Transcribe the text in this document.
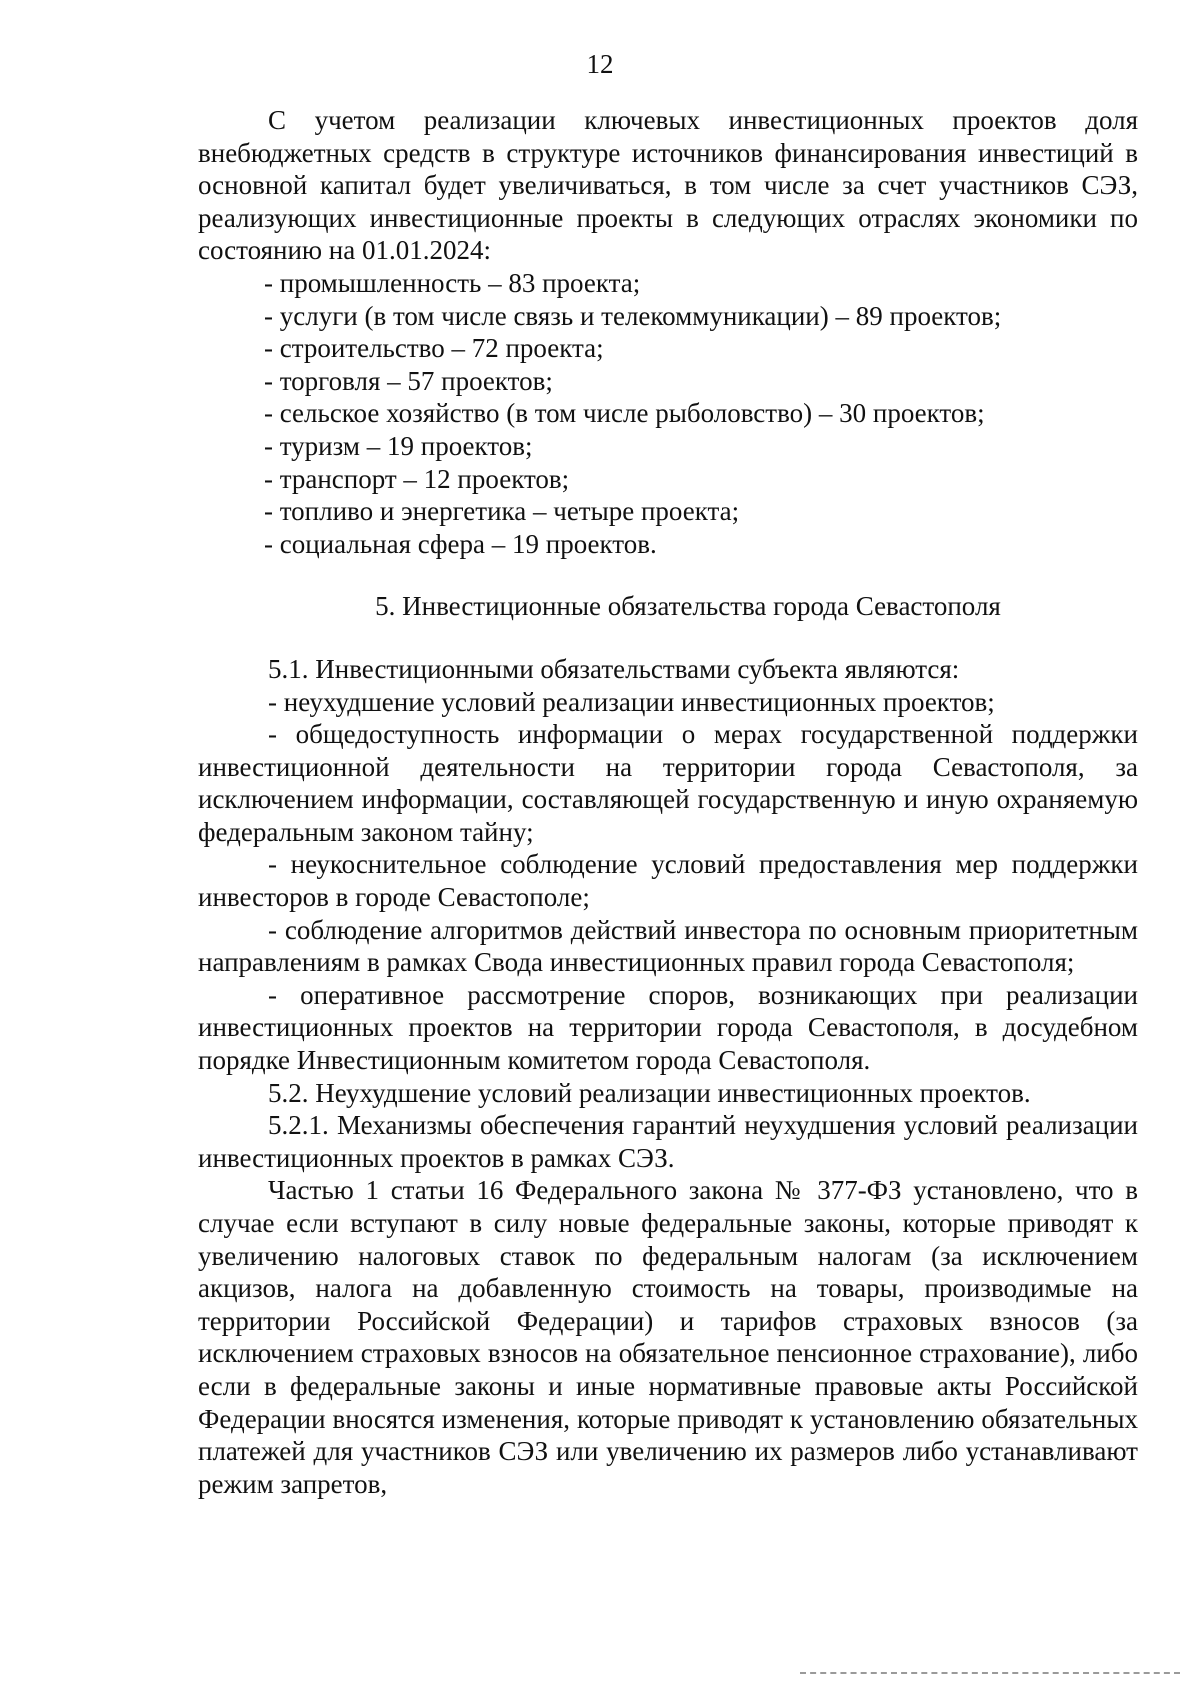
12

С учетом реализации ключевых инвестиционных проектов доля внебюджетных средств в структуре источников финансирования инвестиций в основной капитал будет увеличиваться, в том числе за счет участников СЭЗ, реализующих инвестиционные проекты в следующих отраслях экономики по состоянию на 01.01.2024:

- промышленность – 83 проекта;

- услуги (в том числе связь и телекоммуникации) – 89 проектов;

- строительство – 72 проекта;

- торговля – 57 проектов;

- сельское хозяйство (в том числе рыболовство) – 30 проектов;

- туризм – 19 проектов;

- транспорт – 12 проектов;

- топливо и энергетика – четыре проекта;

- социальная сфера – 19 проектов.

5. Инвестиционные обязательства города Севастополя

5.1. Инвестиционными обязательствами субъекта являются:

- неухудшение условий реализации инвестиционных проектов;

- общедоступность информации о мерах государственной поддержки инвестиционной деятельности на территории города Севастополя, за исключением информации, составляющей государственную и иную охраняемую федеральным законом тайну;

- неукоснительное соблюдение условий предоставления мер поддержки инвесторов в городе Севастополе;

- соблюдение алгоритмов действий инвестора по основным приоритетным направлениям в рамках Свода инвестиционных правил города Севастополя;

- оперативное рассмотрение споров, возникающих при реализации инвестиционных проектов на территории города Севастополя, в досудебном порядке Инвестиционным комитетом города Севастополя.

5.2. Неухудшение условий реализации инвестиционных проектов.

5.2.1. Механизмы обеспечения гарантий неухудшения условий реализации инвестиционных проектов в рамках СЭЗ.

Частью 1 статьи 16 Федерального закона № 377-ФЗ установлено, что в случае если вступают в силу новые федеральные законы, которые приводят к увеличению налоговых ставок по федеральным налогам (за исключением акцизов, налога на добавленную стоимость на товары, производимые на территории Российской Федерации) и тарифов страховых взносов (за исключением страховых взносов на обязательное пенсионное страхование), либо если в федеральные законы и иные нормативные правовые акты Российской Федерации вносятся изменения, которые приводят к установлению обязательных платежей для участников СЭЗ или увеличению их размеров либо устанавливают режим запретов,
